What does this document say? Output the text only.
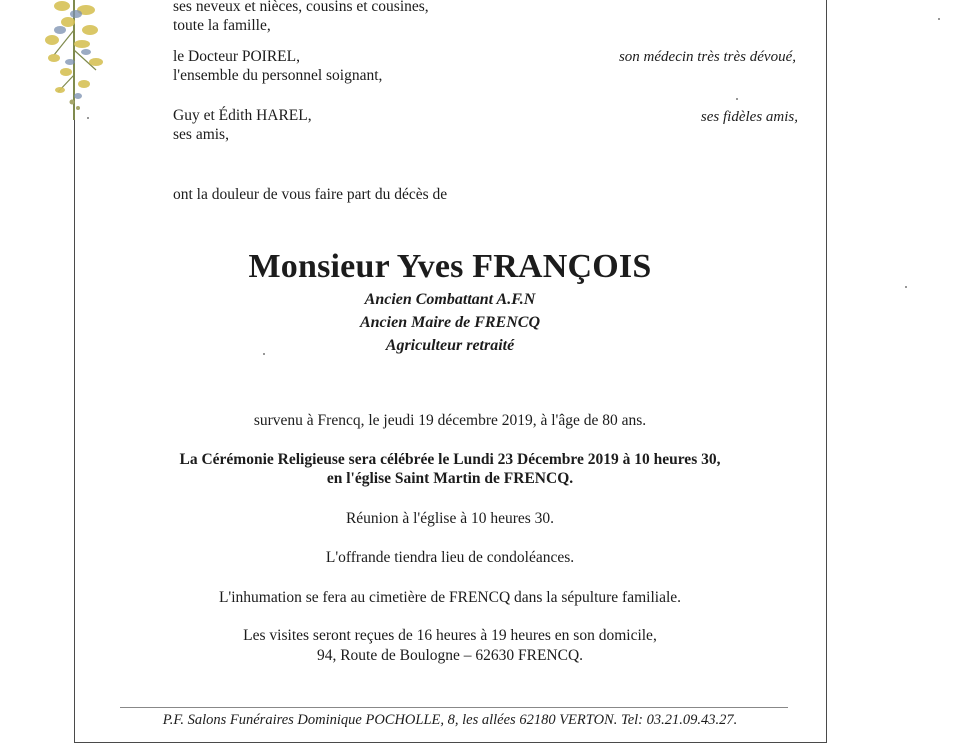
ses neveux et nièces, cousins et cousines,
toute la famille,
le Docteur POIREL,	son médecin très très dévoué,
l'ensemble du personnel soignant,
Guy et Édith HAREL,	ses fidèles amis,
ses amis,
ont la douleur de vous faire part du décès de
Monsieur Yves FRANÇOIS
Ancien Combattant A.F.N
Ancien Maire de FRENCQ
Agriculteur retraité
survenu à Frencq, le jeudi 19 décembre 2019, à l'âge de 80 ans.
La Cérémonie Religieuse sera célébrée le Lundi 23 Décembre 2019 à 10 heures 30,
en l'église Saint Martin de FRENCQ.
Réunion à l'église à 10 heures 30.
L'offrande tiendra lieu de condoléances.
L'inhumation se fera au cimetière de FRENCQ dans la sépulture familiale.
Les visites seront reçues de 16 heures à 19 heures en son domicile,
94, Route de Boulogne – 62630 FRENCQ.
P.F. Salons Funéraires Dominique POCHOLLE, 8, les allées 62180 VERTON. Tel: 03.21.09.43.27.
